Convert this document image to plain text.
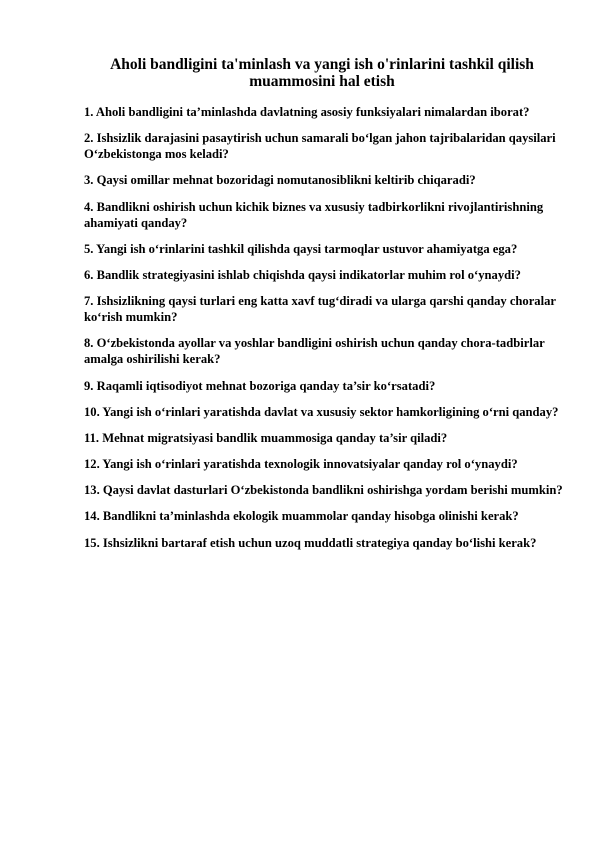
Aholi bandligini ta'minlash va yangi ish o'rinlarini tashkil qilish muammosini hal etish
1. Aholi bandligini ta’minlashda davlatning asosiy funksiyalari nimalardan iborat?
2. Ishsizlik darajasini pasaytirish uchun samarali bo‘lgan jahon tajribalaridan qaysilari O‘zbekistonga mos keladi?
3. Qaysi omillar mehnat bozoridagi nomutanosiblikni keltirib chiqaradi?
4. Bandlikni oshirish uchun kichik biznes va xususiy tadbirkorlikni rivojlantirishning ahamiyati qanday?
5. Yangi ish o‘rinlarini tashkil qilishda qaysi tarmoqlar ustuvor ahamiyatga ega?
6. Bandlik strategiyasini ishlab chiqishda qaysi indikatorlar muhim rol o‘ynaydi?
7. Ishsizlikning qaysi turlari eng katta xavf tug‘diradi va ularga qarshi qanday choralar ko‘rish mumkin?
8. O‘zbekistonda ayollar va yoshlar bandligini oshirish uchun qanday chora-tadbirlar amalga oshirilishi kerak?
9. Raqamli iqtisodiyot mehnat bozoriga qanday ta’sir ko‘rsatadi?
10. Yangi ish o‘rinlari yaratishda davlat va xususiy sektor hamkorligining o‘rni qanday?
11. Mehnat migratsiyasi bandlik muammosiga qanday ta’sir qiladi?
12. Yangi ish o‘rinlari yaratishda texnologik innovatsiyalar qanday rol o‘ynaydi?
13. Qaysi davlat dasturlari O‘zbekistonda bandlikni oshirishga yordam berishi mumkin?
14. Bandlikni ta’minlashda ekologik muammolar qanday hisobga olinishi kerak?
15. Ishsizlikni bartaraf etish uchun uzoq muddatli strategiya qanday bo‘lishi kerak?
